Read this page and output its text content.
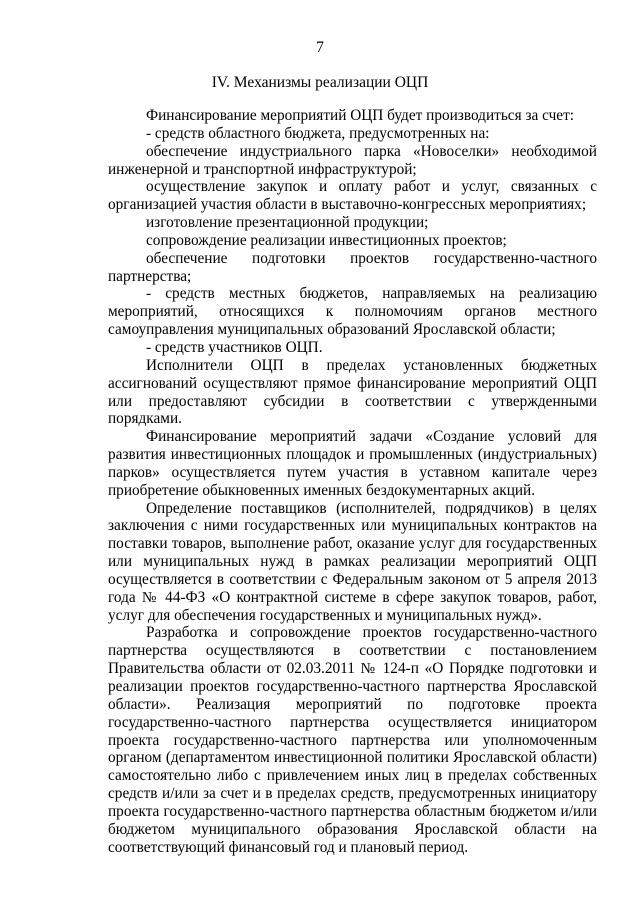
7
IV. Механизмы реализации ОЦП

Финансирование мероприятий ОЦП будет производиться за счет:

- средств областного бюджета, предусмотренных на:

обеспечение индустриального парка «Новоселки» необходимой инженерной и транспортной инфраструктурой;

осуществление закупок и оплату работ и услуг, связанных с организацией участия области в выставочно-конгрессных мероприятиях;

изготовление презентационной продукции;

сопровождение реализации инвестиционных проектов;

обеспечение подготовки проектов государственно-частного партнерства;

- средств местных бюджетов, направляемых на реализацию мероприятий, относящихся к полномочиям органов местного самоуправления муниципальных образований Ярославской области;

- средств участников ОЦП.

Исполнители ОЦП в пределах установленных бюджетных ассигнований осуществляют прямое финансирование мероприятий ОЦП или предоставляют субсидии в соответствии с утвержденными порядками.

Финансирование мероприятий задачи «Создание условий для развития инвестиционных площадок и промышленных (индустриальных) парков» осуществляется путем участия в уставном капитале через приобретение обыкновенных именных бездокументарных акций.

Определение поставщиков (исполнителей, подрядчиков) в целях заключения с ними государственных или муниципальных контрактов на поставки товаров, выполнение работ, оказание услуг для государственных или муниципальных нужд в рамках реализации мероприятий ОЦП осуществляется в соответствии с Федеральным законом от 5 апреля 2013 года № 44-ФЗ «О контрактной системе в сфере закупок товаров, работ, услуг для обеспечения государственных и муниципальных нужд».

Разработка и сопровождение проектов государственно-частного партнерства осуществляются в соответствии с постановлением Правительства области от 02.03.2011 № 124-п «О Порядке подготовки и реализации проектов государственно-частного партнерства Ярославской области». Реализация мероприятий по подготовке проекта государственно-частного партнерства осуществляется инициатором проекта государственно-частного партнерства или уполномоченным органом (департаментом инвестиционной политики Ярославской области) самостоятельно либо с привлечением иных лиц в пределах собственных средств и/или за счет и в пределах средств, предусмотренных инициатору проекта государственно-частного партнерства областным бюджетом и/или бюджетом муниципального образования Ярославской области на соответствующий финансовый год и плановый период.
